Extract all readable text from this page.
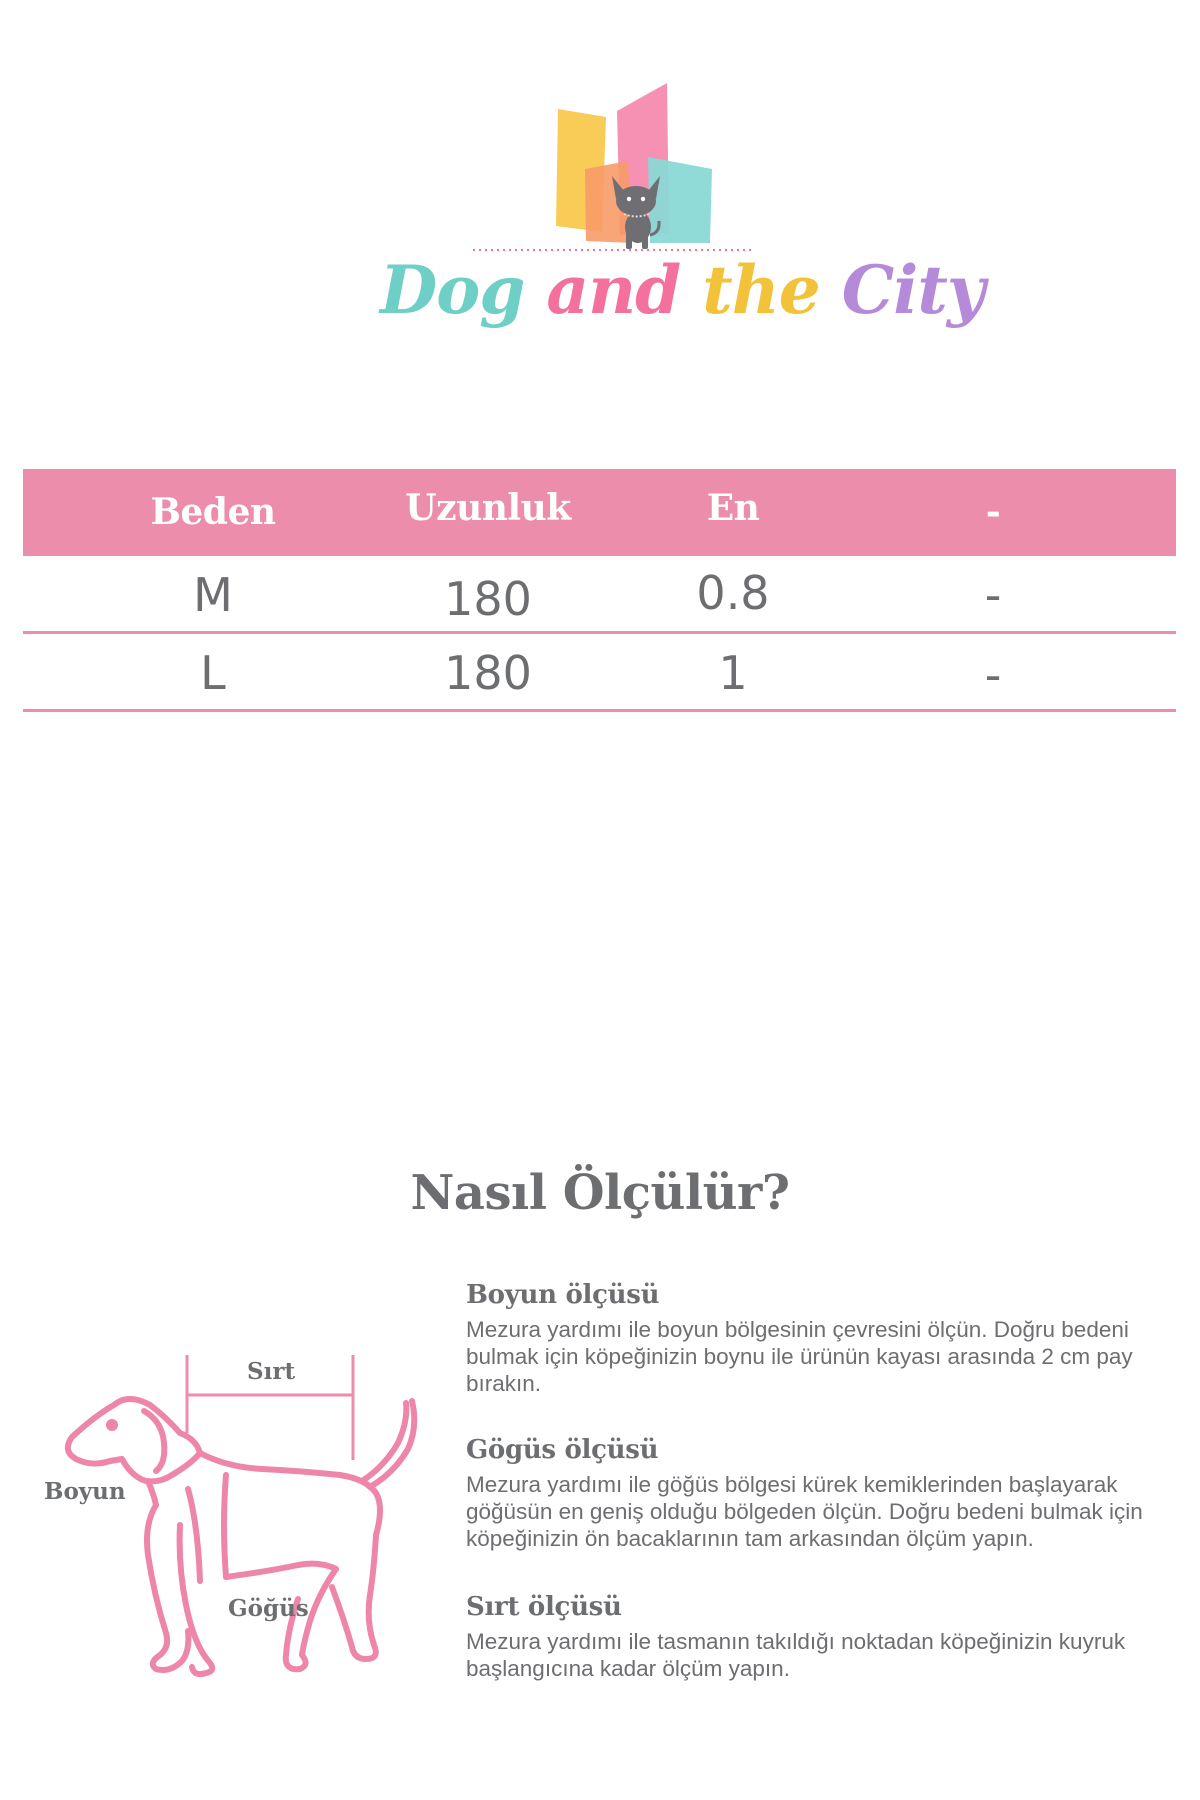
Dog and the City
Beden	Uzunluk	En	-
M	180	0.8	-
L	180	1	-
Nasıl Ölçülür?
Sırt
Boyun
Göğüs
Boyun ölçüsü

Mezura yardımı ile boyun bölgesinin çevresini ölçün. Doğru bedeni bulmak için köpeğinizin boynu ile ürünün kayası arasında 2 cm pay bırakın.

Gögüs ölçüsü

Mezura yardımı ile göğüs bölgesi kürek kemiklerinden başlayarak göğüsün en geniş olduğu bölgeden ölçün. Doğru bedeni bulmak için köpeğinizin ön bacaklarının tam arkasından ölçüm yapın.

Sırt ölçüsü

Mezura yardımı ile tasmanın takıldığı noktadan köpeğinizin kuyruk başlangıcına kadar ölçüm yapın.
